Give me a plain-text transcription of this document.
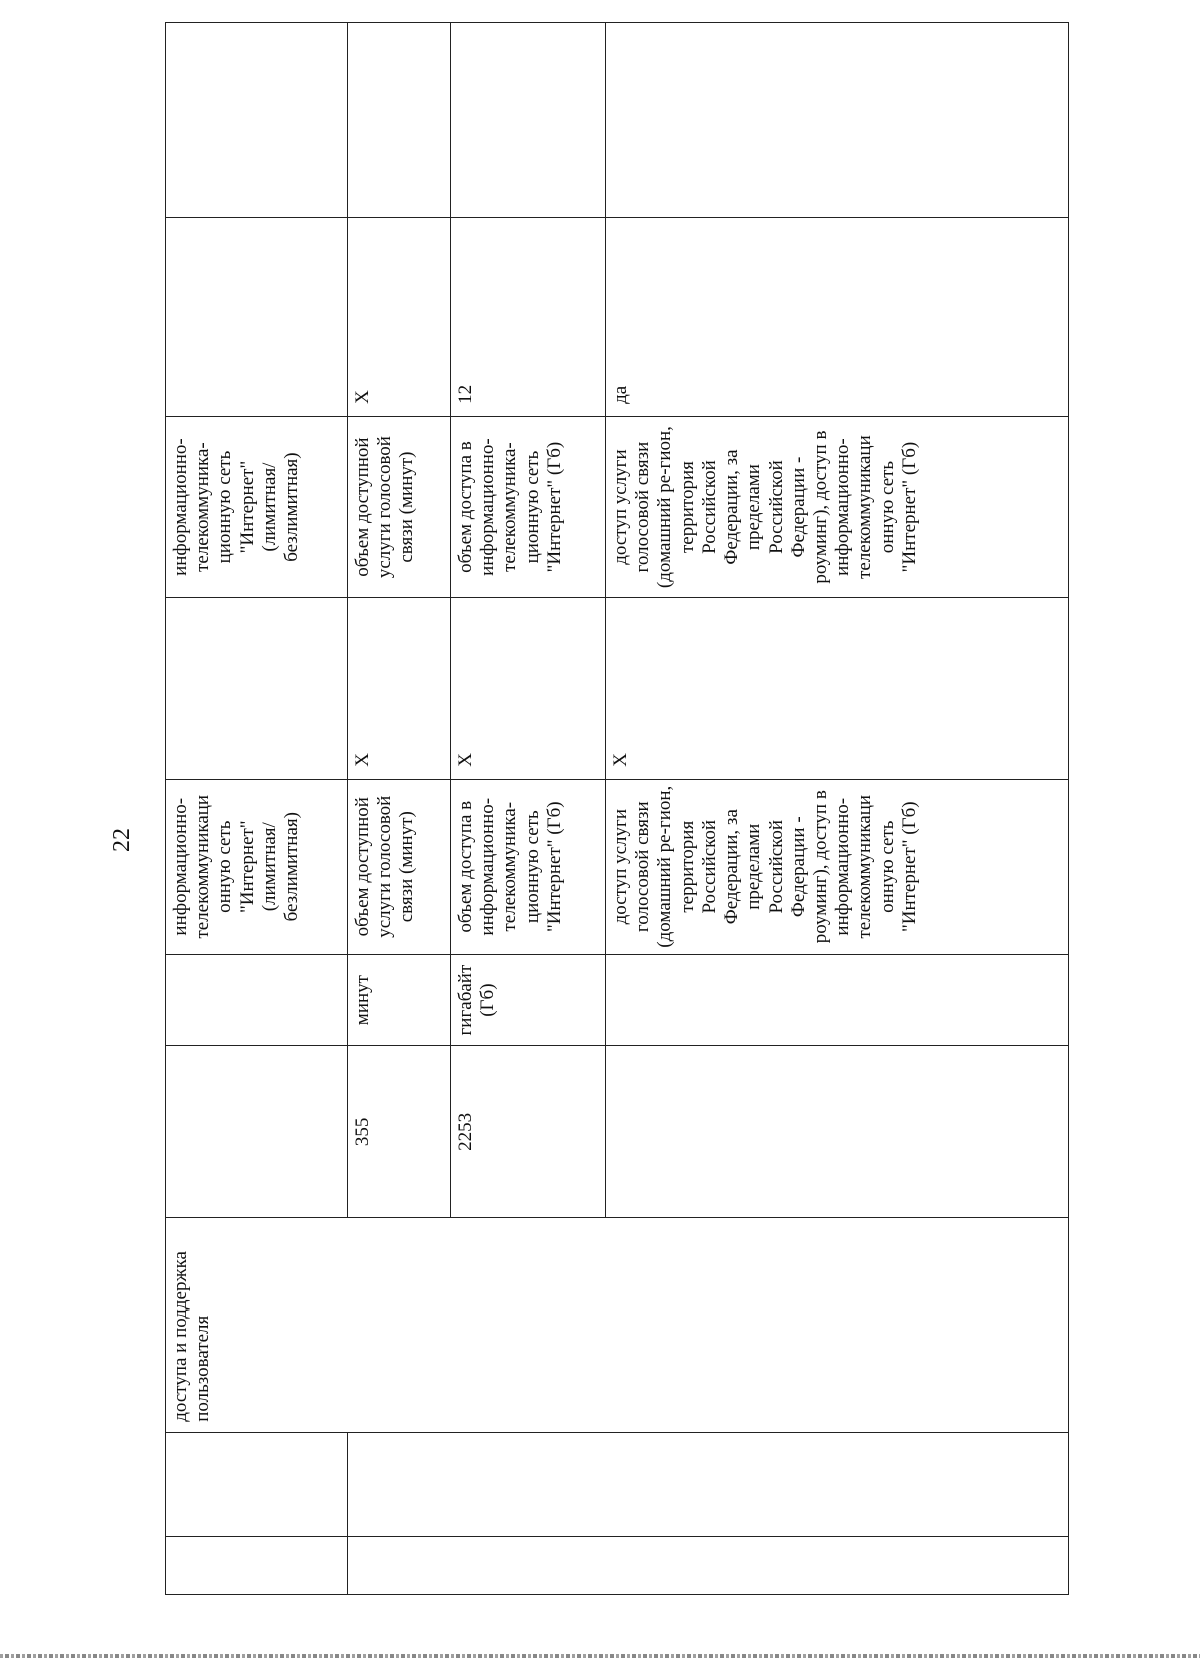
22
		доступа и поддержка пользователя			информационно-телекоммуникаци онную сеть "Интернет" (лимитная/ безлимитная)		информационно-телекоммуника-ционную сеть "Интернет" (лимитная/ безлимитная)		
			355	минут	объем доступной услуги голосовой связи (минут)	X	объем доступной услуги голосовой связи (минут)	X	
			2253	гигабайт (Гб)	объем доступа в информационно-телекоммуника-ционную сеть "Интернет" (Гб)	X	объем доступа в информационно-телекоммуника-ционную сеть "Интернет" (Гб)	12	
					доступ услуги голосовой связи (домашний ре-гион, территория Российской Федерации, за пределами Российской Федерации - роуминг), доступ в информационно-телекоммуникаци онную сеть "Интернет" (Гб)	X	доступ услуги голосовой связи (домашний ре-гион, территория Российской Федерации, за пределами Российской Федерации - роуминг), доступ в информационно-телекоммуникаци онную сеть "Интернет" (Гб)	да	
